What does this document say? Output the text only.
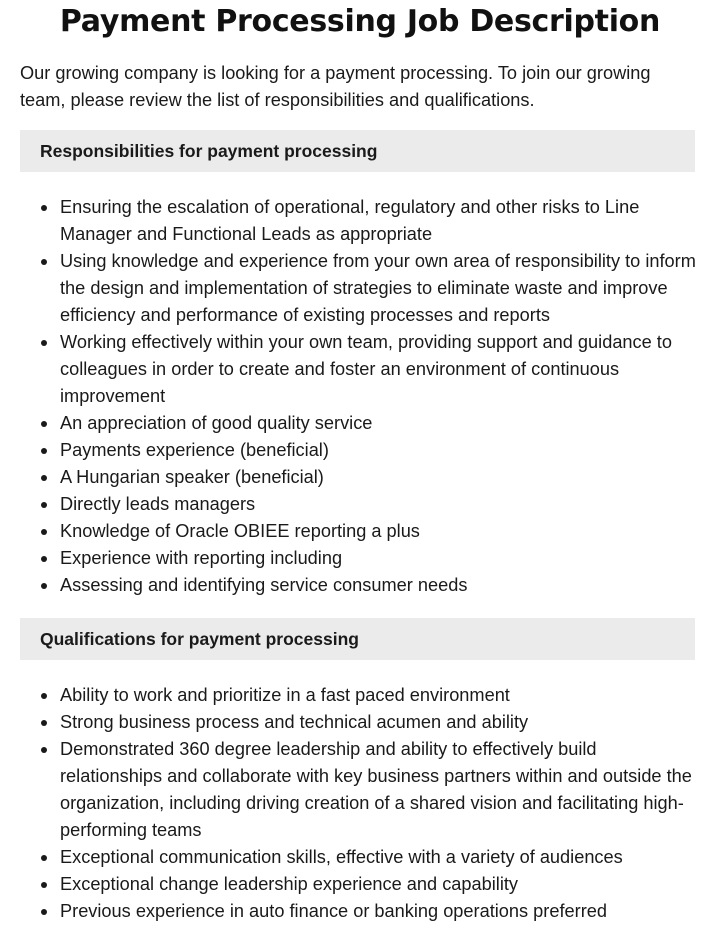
Payment Processing Job Description

Our growing company is looking for a payment processing. To join our growing team, please review the list of responsibilities and qualifications.

Responsibilities for payment processing
Ensuring the escalation of operational, regulatory and other risks to Line Manager and Functional Leads as appropriate
Using knowledge and experience from your own area of responsibility to inform the design and implementation of strategies to eliminate waste and improve efficiency and performance of existing processes and reports
Working effectively within your own team, providing support and guidance to colleagues in order to create and foster an environment of continuous improvement
An appreciation of good quality service
Payments experience (beneficial)
A Hungarian speaker (beneficial)
Directly leads managers
Knowledge of Oracle OBIEE reporting a plus
Experience with reporting including
Assessing and identifying service consumer needs
Qualifications for payment processing
Ability to work and prioritize in a fast paced environment
Strong business process and technical acumen and ability
Demonstrated 360 degree leadership and ability to effectively build relationships and collaborate with key business partners within and outside the organization, including driving creation of a shared vision and facilitating high-performing teams
Exceptional communication skills, effective with a variety of audiences
Exceptional change leadership experience and capability
Previous experience in auto finance or banking operations preferred
